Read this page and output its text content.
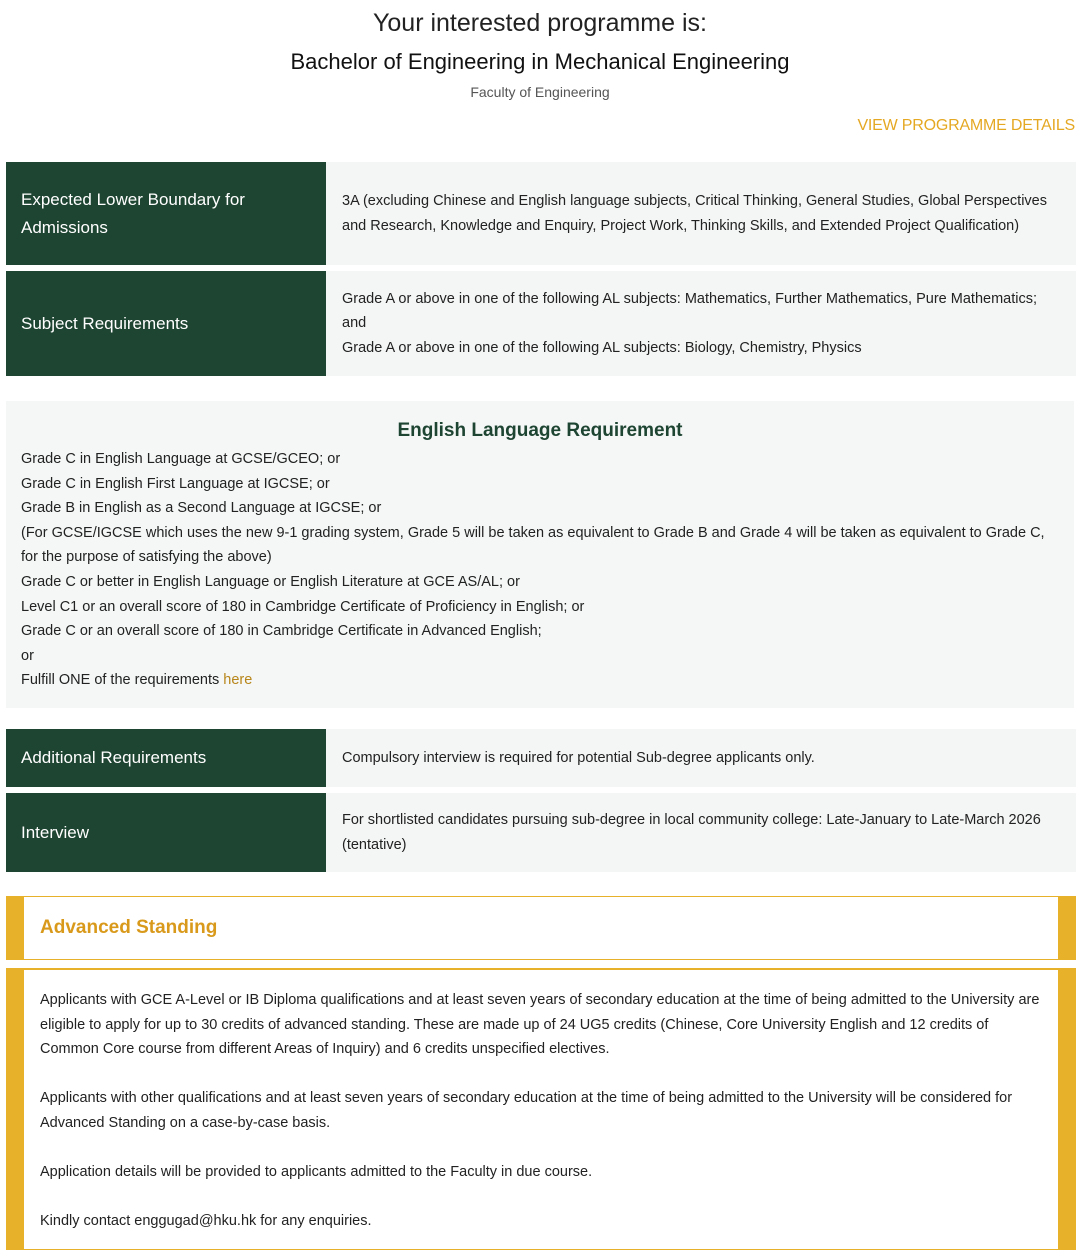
Your interested programme is:
Bachelor of Engineering in Mechanical Engineering
Faculty of Engineering
VIEW PROGRAMME DETAILS
Expected Lower Boundary for Admissions
3A (excluding Chinese and English language subjects, Critical Thinking, General Studies, Global Perspectives and Research, Knowledge and Enquiry, Project Work, Thinking Skills, and Extended Project Qualification)
Subject Requirements
Grade A or above in one of the following AL subjects: Mathematics, Further Mathematics, Pure Mathematics; and
Grade A or above in one of the following AL subjects: Biology, Chemistry, Physics
English Language Requirement
Grade C in English Language at GCSE/GCEO; or
Grade C in English First Language at IGCSE; or
Grade B in English as a Second Language at IGCSE; or
(For GCSE/IGCSE which uses the new 9-1 grading system, Grade 5 will be taken as equivalent to Grade B and Grade 4 will be taken as equivalent to Grade C, for the purpose of satisfying the above)
Grade C or better in English Language or English Literature at GCE AS/AL; or
Level C1 or an overall score of 180 in Cambridge Certificate of Proficiency in English; or
Grade C or an overall score of 180 in Cambridge Certificate in Advanced English;
or
Fulfill ONE of the requirements here
Additional Requirements	Compulsory interview is required for potential Sub-degree applicants only.
Interview
For shortlisted candidates pursuing sub-degree in local community college: Late-January to Late-March 2026 (tentative)
Advanced Standing

Applicants with GCE A-Level or IB Diploma qualifications and at least seven years of secondary education at the time of being admitted to the University are eligible to apply for up to 30 credits of advanced standing. These are made up of 24 UG5 credits (Chinese, Core University English and 12 credits of Common Core course from different Areas of Inquiry) and 6 credits unspecified electives.

Applicants with other qualifications and at least seven years of secondary education at the time of being admitted to the University will be considered for Advanced Standing on a case-by-case basis.

Application details will be provided to applicants admitted to the Faculty in due course.

Kindly contact enggugad@hku.hk for any enquiries.
